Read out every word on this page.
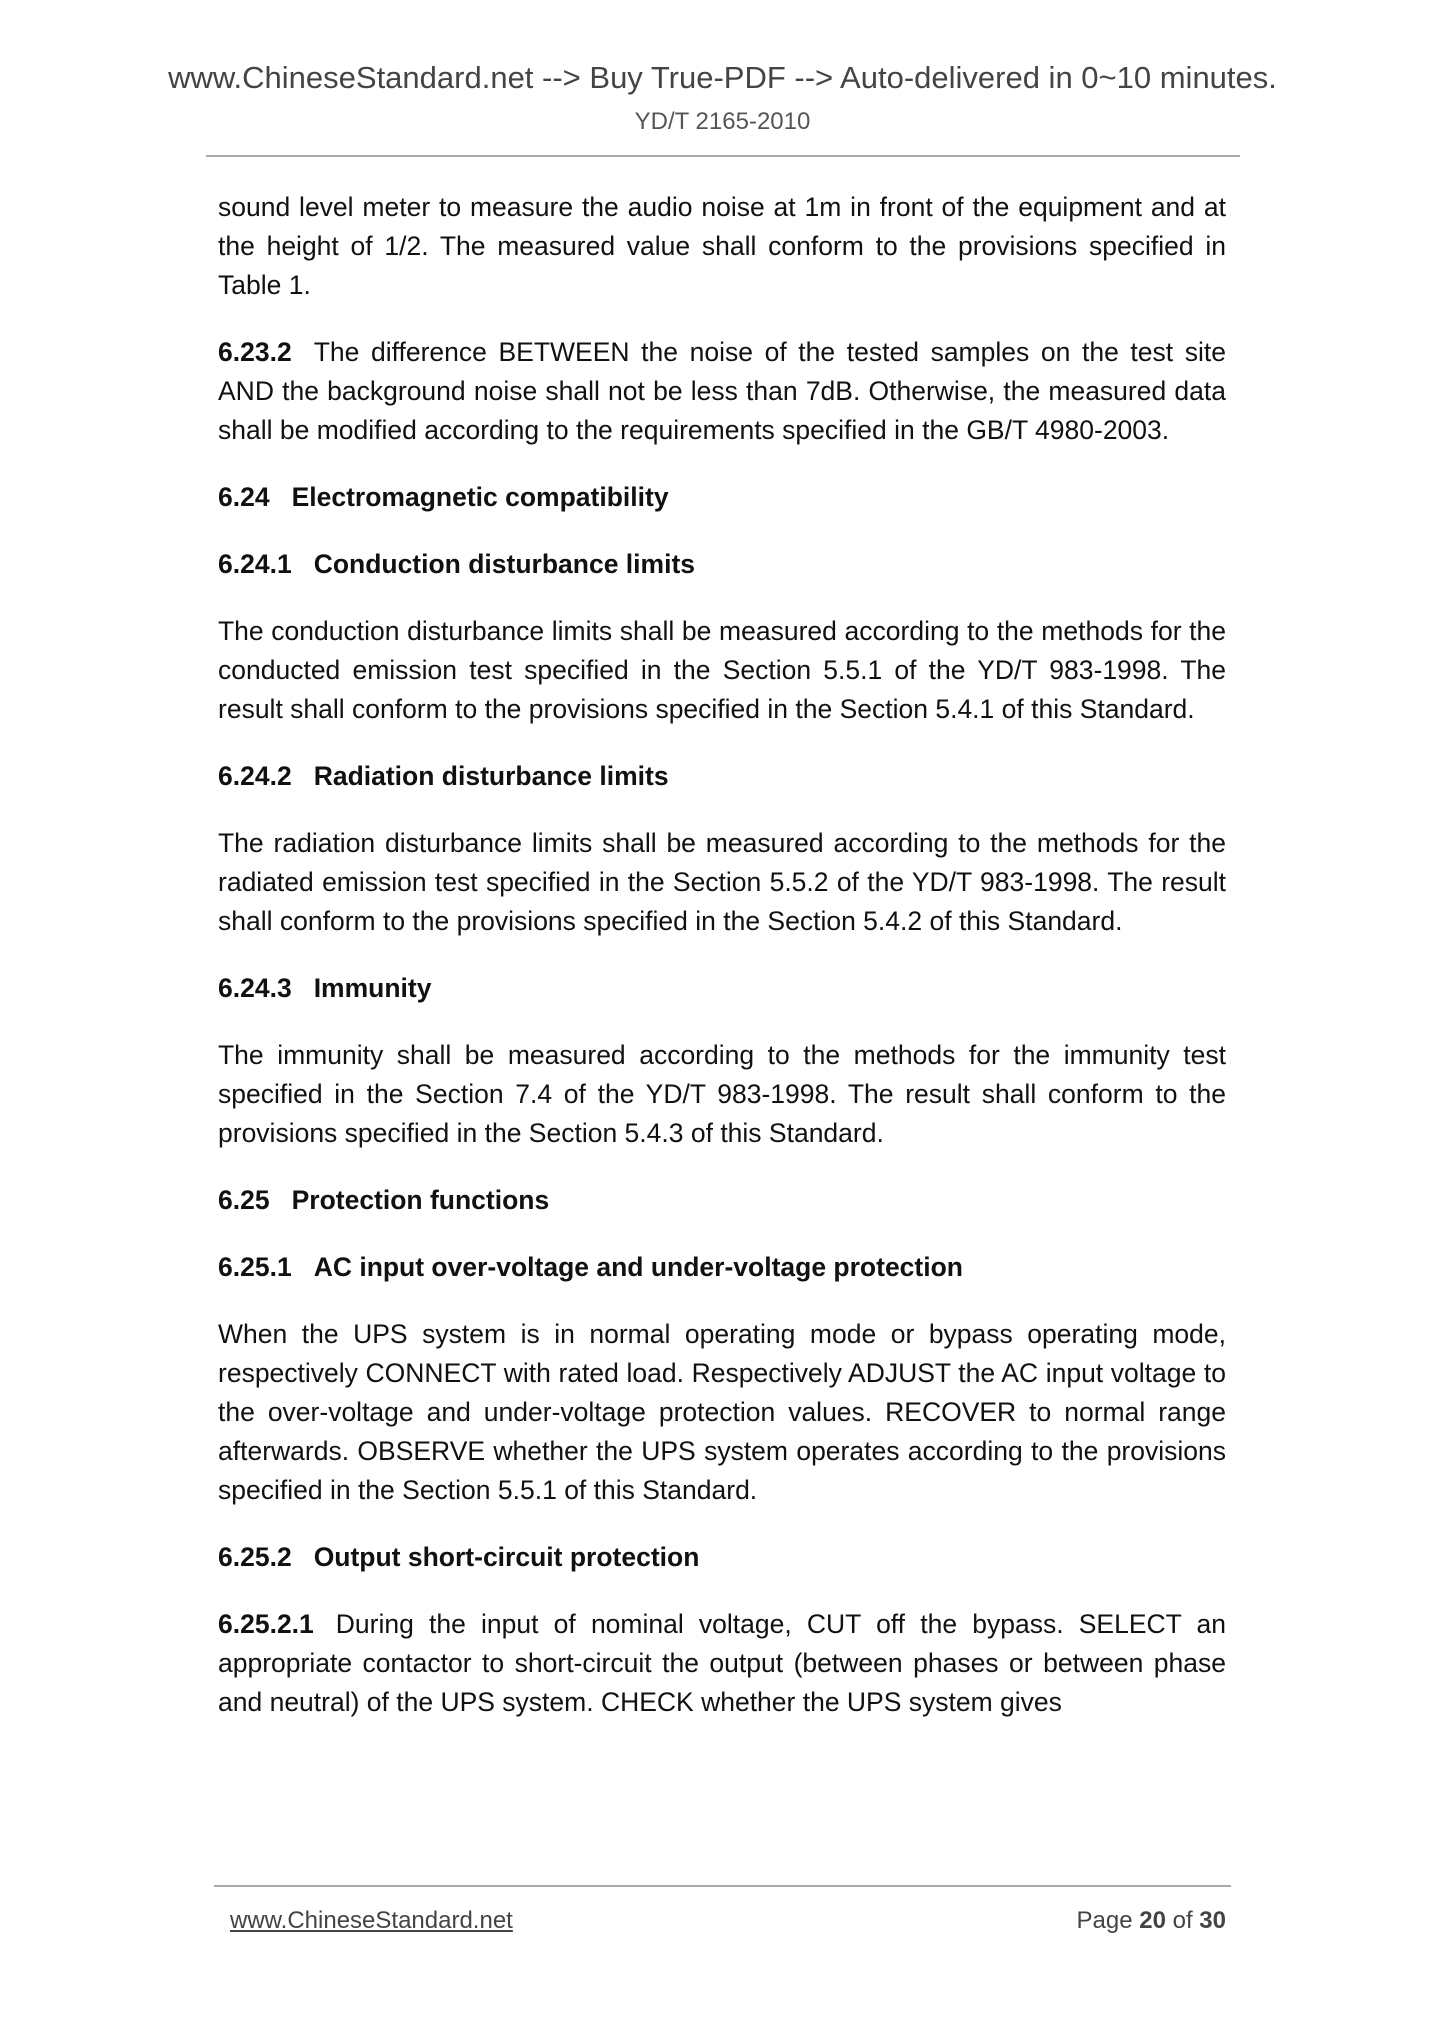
www.ChineseStandard.net --> Buy True-PDF --> Auto-delivered in 0~10 minutes.
YD/T 2165-2010

sound level meter to measure the audio noise at 1m in front of the equipment and at the height of 1/2. The measured value shall conform to the provisions specified in Table 1.

6.23.2 The difference BETWEEN the noise of the tested samples on the test site AND the background noise shall not be less than 7dB. Otherwise, the measured data shall be modified according to the requirements specified in the GB/T 4980-2003.

6.24 Electromagnetic compatibility
6.24.1 Conduction disturbance limits

The conduction disturbance limits shall be measured according to the methods for the conducted emission test specified in the Section 5.5.1 of the YD/T 983-1998. The result shall conform to the provisions specified in the Section 5.4.1 of this Standard.

6.24.2 Radiation disturbance limits

The radiation disturbance limits shall be measured according to the methods for the radiated emission test specified in the Section 5.5.2 of the YD/T 983-1998. The result shall conform to the provisions specified in the Section 5.4.2 of this Standard.

6.24.3 Immunity

The immunity shall be measured according to the methods for the immunity test specified in the Section 7.4 of the YD/T 983-1998. The result shall conform to the provisions specified in the Section 5.4.3 of this Standard.

6.25 Protection functions
6.25.1 AC input over-voltage and under-voltage protection

When the UPS system is in normal operating mode or bypass operating mode, respectively CONNECT with rated load. Respectively ADJUST the AC input voltage to the over-voltage and under-voltage protection values. RECOVER to normal range afterwards. OBSERVE whether the UPS system operates according to the provisions specified in the Section 5.5.1 of this Standard.

6.25.2 Output short-circuit protection

6.25.2.1 During the input of nominal voltage, CUT off the bypass. SELECT an appropriate contactor to short-circuit the output (between phases or between phase and neutral) of the UPS system. CHECK whether the UPS system gives

www.ChineseStandard.net	Page 20 of 30
